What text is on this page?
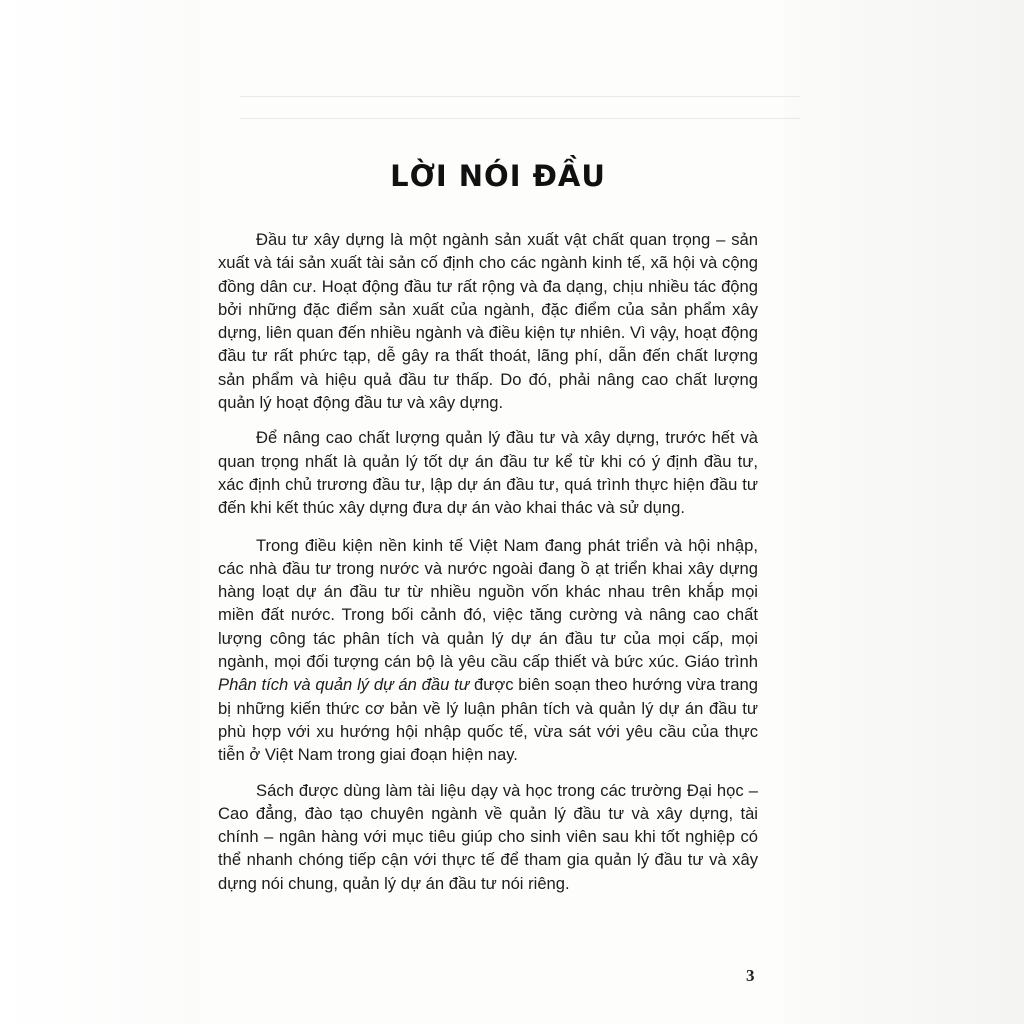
LỜI NÓI ĐẦU

Đầu tư xây dựng là một ngành sản xuất vật chất quan trọng – sản xuất và tái sản xuất tài sản cố định cho các ngành kinh tế, xã hội và cộng đồng dân cư. Hoạt động đầu tư rất rộng và đa dạng, chịu nhiều tác động bởi những đặc điểm sản xuất của ngành, đặc điểm của sản phẩm xây dựng, liên quan đến nhiều ngành và điều kiện tự nhiên. Vì vậy, hoạt động đầu tư rất phức tạp, dễ gây ra thất thoát, lãng phí, dẫn đến chất lượng sản phẩm và hiệu quả đầu tư thấp. Do đó, phải nâng cao chất lượng quản lý hoạt động đầu tư và xây dựng.

Để nâng cao chất lượng quản lý đầu tư và xây dựng, trước hết và quan trọng nhất là quản lý tốt dự án đầu tư kể từ khi có ý định đầu tư, xác định chủ trương đầu tư, lập dự án đầu tư, quá trình thực hiện đầu tư đến khi kết thúc xây dựng đưa dự án vào khai thác và sử dụng.

Trong điều kiện nền kinh tế Việt Nam đang phát triển và hội nhập, các nhà đầu tư trong nước và nước ngoài đang ồ ạt triển khai xây dựng hàng loạt dự án đầu tư từ nhiều nguồn vốn khác nhau trên khắp mọi miền đất nước. Trong bối cảnh đó, việc tăng cường và nâng cao chất lượng công tác phân tích và quản lý dự án đầu tư của mọi cấp, mọi ngành, mọi đối tượng cán bộ là yêu cầu cấp thiết và bức xúc. Giáo trình Phân tích và quản lý dự án đầu tư được biên soạn theo hướng vừa trang bị những kiến thức cơ bản về lý luận phân tích và quản lý dự án đầu tư phù hợp với xu hướng hội nhập quốc tế, vừa sát với yêu cầu của thực tiễn ở Việt Nam trong giai đoạn hiện nay.

Sách được dùng làm tài liệu dạy và học trong các trường Đại học – Cao đẳng, đào tạo chuyên ngành về quản lý đầu tư và xây dựng, tài chính – ngân hàng với mục tiêu giúp cho sinh viên sau khi tốt nghiệp có thể nhanh chóng tiếp cận với thực tế để tham gia quản lý đầu tư và xây dựng nói chung, quản lý dự án đầu tư nói riêng.

3
